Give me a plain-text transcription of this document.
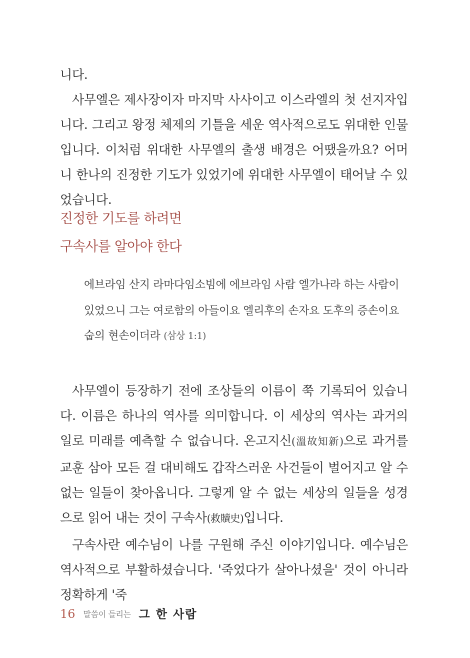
니다.

사무엘은 제사장이자 마지막 사사이고 이스라엘의 첫 선지자입니다. 그리고 왕정 체제의 기틀을 세운 역사적으로도 위대한 인물입니다. 이처럼 위대한 사무엘의 출생 배경은 어땠을까요? 어머니 한나의 진정한 기도가 있었기에 위대한 사무엘이 태어날 수 있었습니다.

진정한 기도를 하려면
구속사를 알아야 한다
에브라임 산지 라마다임소빔에 에브라임 사람 엘가나라 하는 사람이 있었으니 그는 여로함의 아들이요 엘리후의 손자요 도후의 증손이요 숩의 현손이더라 (삼상 1:1)

사무엘이 등장하기 전에 조상들의 이름이 쭉 기록되어 있습니다. 이름은 하나의 역사를 의미합니다. 이 세상의 역사는 과거의 일로 미래를 예측할 수 없습니다. 온고지신(溫故知新)으로 과거를 교훈 삼아 모든 걸 대비해도 갑작스러운 사건들이 벌어지고 알 수 없는 일들이 찾아옵니다. 그렇게 알 수 없는 세상의 일들을 성경으로 읽어 내는 것이 구속사(救贖史)입니다.

구속사란 예수님이 나를 구원해 주신 이야기입니다. 예수님은 역사적으로 부활하셨습니다. '죽었다가 살아나셨을' 것이 아니라 정확하게 '죽

16 말씀이 들리는 그 한 사람
